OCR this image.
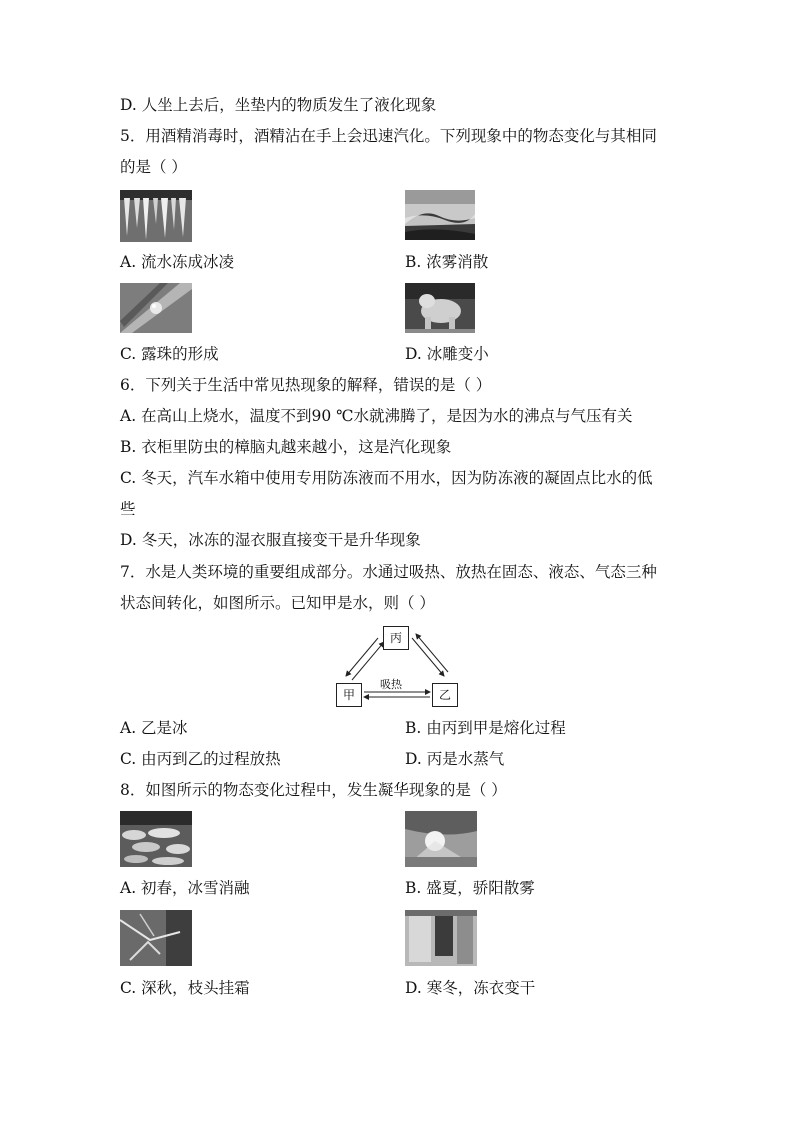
D. 人坐上去后，坐垫内的物质发生了液化现象
5．用酒精消毒时，酒精沾在手上会迅速汽化。下列现象中的物态变化与其相同
的是（ ）
A. 流水冻成冰凌	B. 浓雾消散
C. 露珠的形成	D. 冰雕变小
6．下列关于生活中常见热现象的解释，错误的是（ ）
A. 在高山上烧水，温度不到90 ℃水就沸腾了，是因为水的沸点与气压有关
B. 衣柜里防虫的樟脑丸越来越小，这是汽化现象
C. 冬天，汽车水箱中使用专用防冻液而不用水，因为防冻液的凝固点比水的低
些
D. 冬天，冰冻的湿衣服直接变干是升华现象
7．水是人类环境的重要组成部分。水通过吸热、放热在固态、液态、气态三种
状态间转化，如图所示。已知甲是水，则（ ）
丙
甲	乙
吸热
A. 乙是冰	B. 由丙到甲是熔化过程
C. 由丙到乙的过程放热	D. 丙是水蒸气
8．如图所示的物态变化过程中，发生凝华现象的是（ ）
A. 初春，冰雪消融	B. 盛夏，骄阳散雾
C. 深秋，枝头挂霜	D. 寒冬，冻衣变干
